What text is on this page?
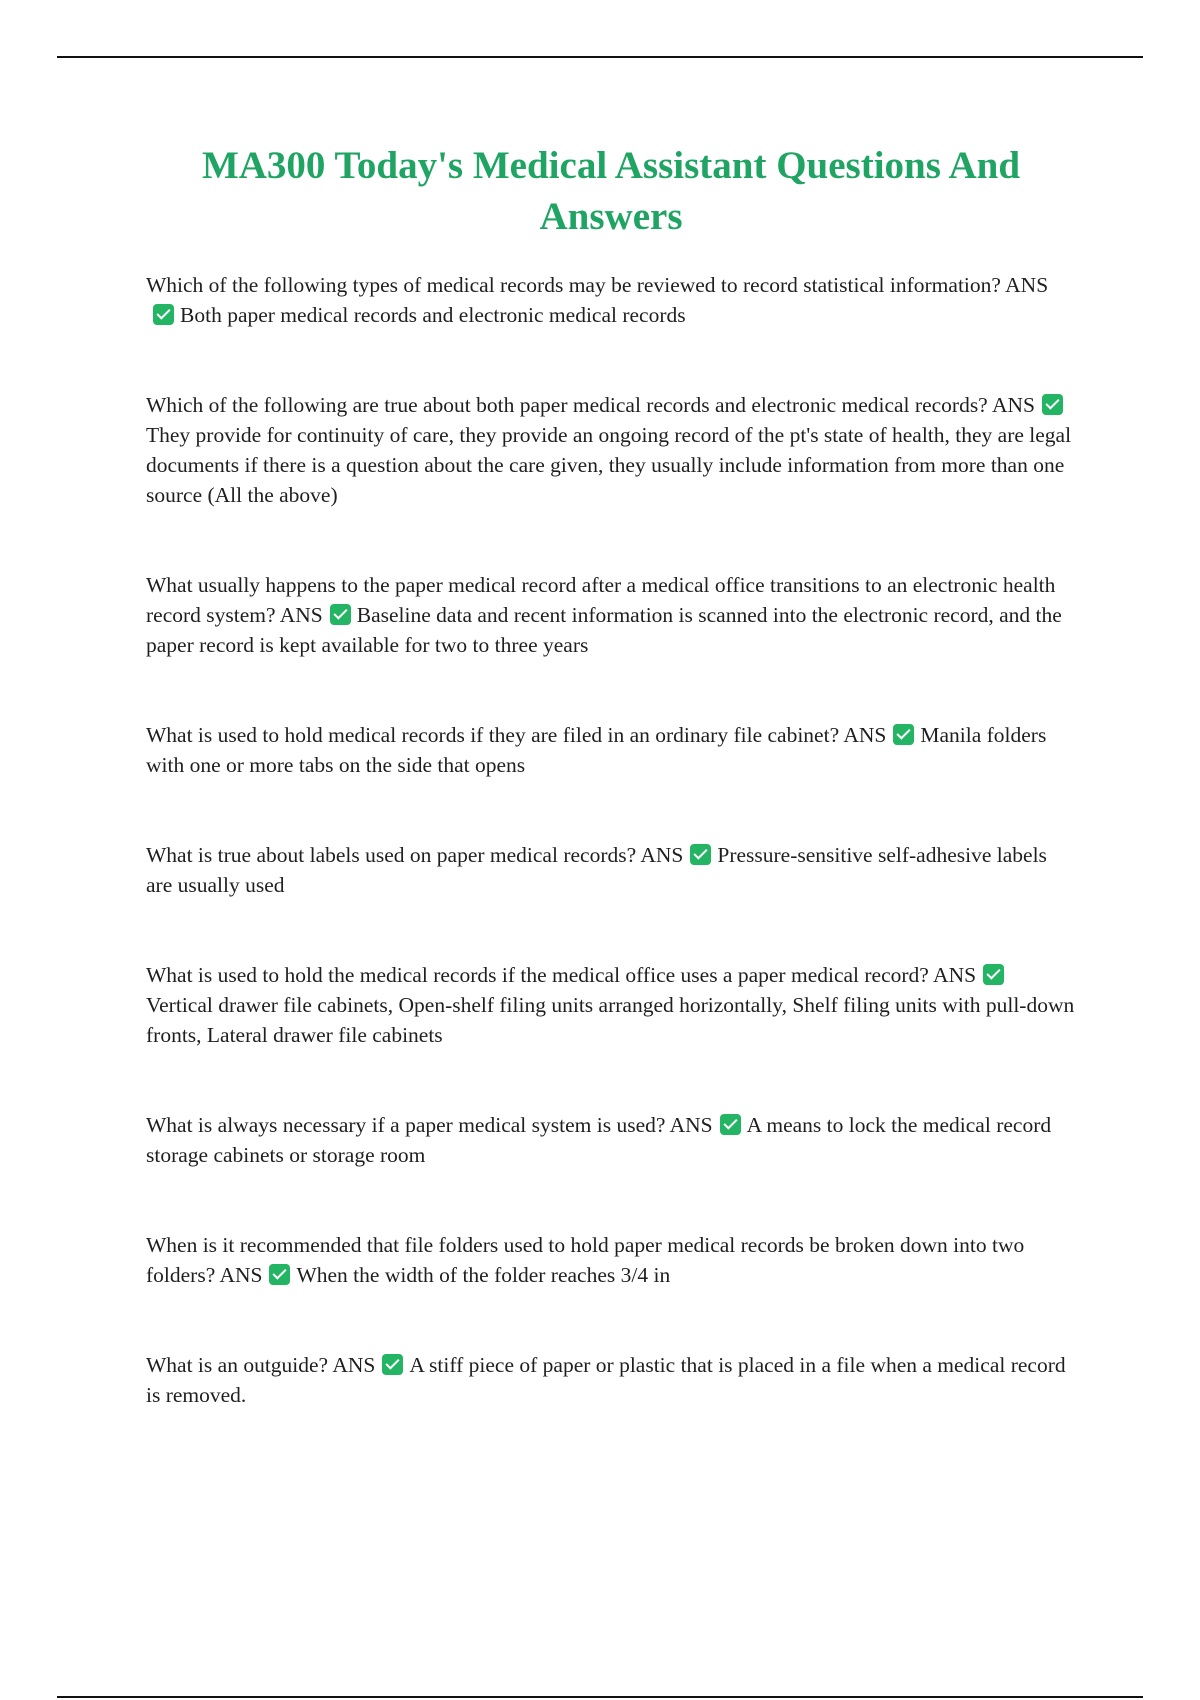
MA300 Today's Medical Assistant Questions And Answers

Which of the following types of medical records may be reviewed to record statistical information? ANSBoth paper medical records and electronic medical records

Which of the following are true about both paper medical records and electronic medical records? ANSThey provide for continuity of care, they provide an ongoing record of the pt's state of health, they are legal documents if there is a question about the care given, they usually include information from more than one source (All the above)

What usually happens to the paper medical record after a medical office transitions to an electronic health record system? ANS Baseline data and recent information is scanned into the electronic record, and the paper record is kept available for two to three years

What is used to hold medical records if they are filed in an ordinary file cabinet? ANS Manila folders with one or more tabs on the side that opens

What is true about labels used on paper medical records? ANS Pressure-sensitive self-adhesive labels are usually used

What is used to hold the medical records if the medical office uses a paper medical record? ANSVertical drawer file cabinets, Open-shelf filing units arranged horizontally, Shelf filing units with pull-down fronts, Lateral drawer file cabinets

What is always necessary if a paper medical system is used? ANS A means to lock the medical record storage cabinets or storage room

When is it recommended that file folders used to hold paper medical records be broken down into two folders? ANS When the width of the folder reaches 3/4 in

What is an outguide? ANS A stiff piece of paper or plastic that is placed in a file when a medical record is removed.
